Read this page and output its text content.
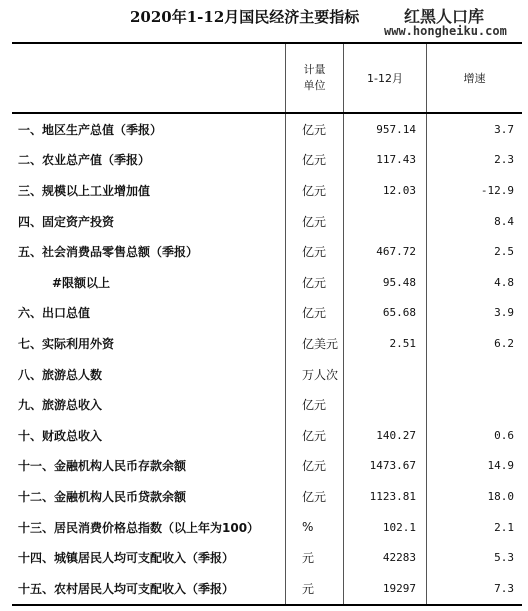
2020年1-12月国民经济主要指标	红黑人口库
www.hongheiku.com

	计量
单位	1-12月	增速
一、地区生产总值（季报）	亿元	957.14	3.7
二、农业总产值（季报）	亿元	117.43	2.3
三、规模以上工业增加值	亿元	12.03	-12.9
四、固定资产投资	亿元		8.4
五、社会消费品零售总额（季报）	亿元	467.72	2.5
#限额以上	亿元	95.48	4.8
六、出口总值	亿元	65.68	3.9
七、实际利用外资	亿美元	2.51	6.2
八、旅游总人数	万人次		
九、旅游总收入	亿元		
十、财政总收入	亿元	140.27	0.6
十一、金融机构人民币存款余额	亿元	1473.67	14.9
十二、金融机构人民币贷款余额	亿元	1123.81	18.0
十三、居民消费价格总指数（以上年为100）	%	102.1	2.1
十四、城镇居民人均可支配收入（季报）	元	42283	5.3
十五、农村居民人均可支配收入（季报）	元	19297	7.3
